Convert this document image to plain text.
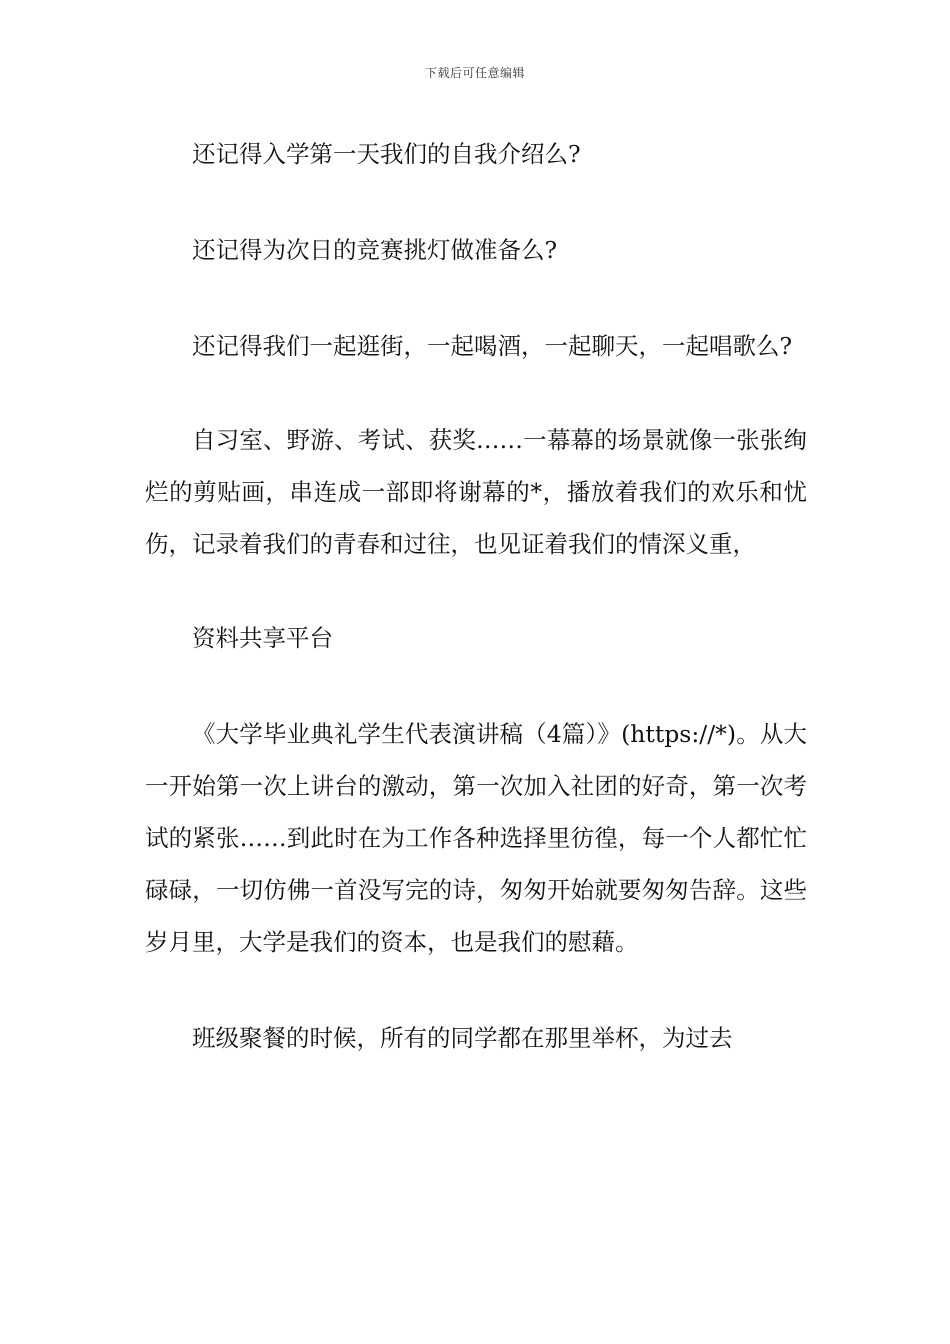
下载后可任意编辑

还记得入学第一天我们的自我介绍么?

还记得为次日的竞赛挑灯做准备么?

还记得我们一起逛街，一起喝酒，一起聊天，一起唱歌么?

自习室、野游、考试、获奖……一幕幕的场景就像一张张绚烂的剪贴画，串连成一部即将谢幕的*，播放着我们的欢乐和忧伤，记录着我们的青春和过往，也见证着我们的情深义重，

资料共享平台

《大学毕业典礼学生代表演讲稿（4篇）》(https://*)。从大一开始第一次上讲台的激动，第一次加入社团的好奇，第一次考试的紧张……到此时在为工作各种选择里彷徨，每一个人都忙忙碌碌，一切仿佛一首没写完的诗，匆匆开始就要匆匆告辞。这些岁月里，大学是我们的资本，也是我们的慰藉。

班级聚餐的时候，所有的同学都在那里举杯，为过去
